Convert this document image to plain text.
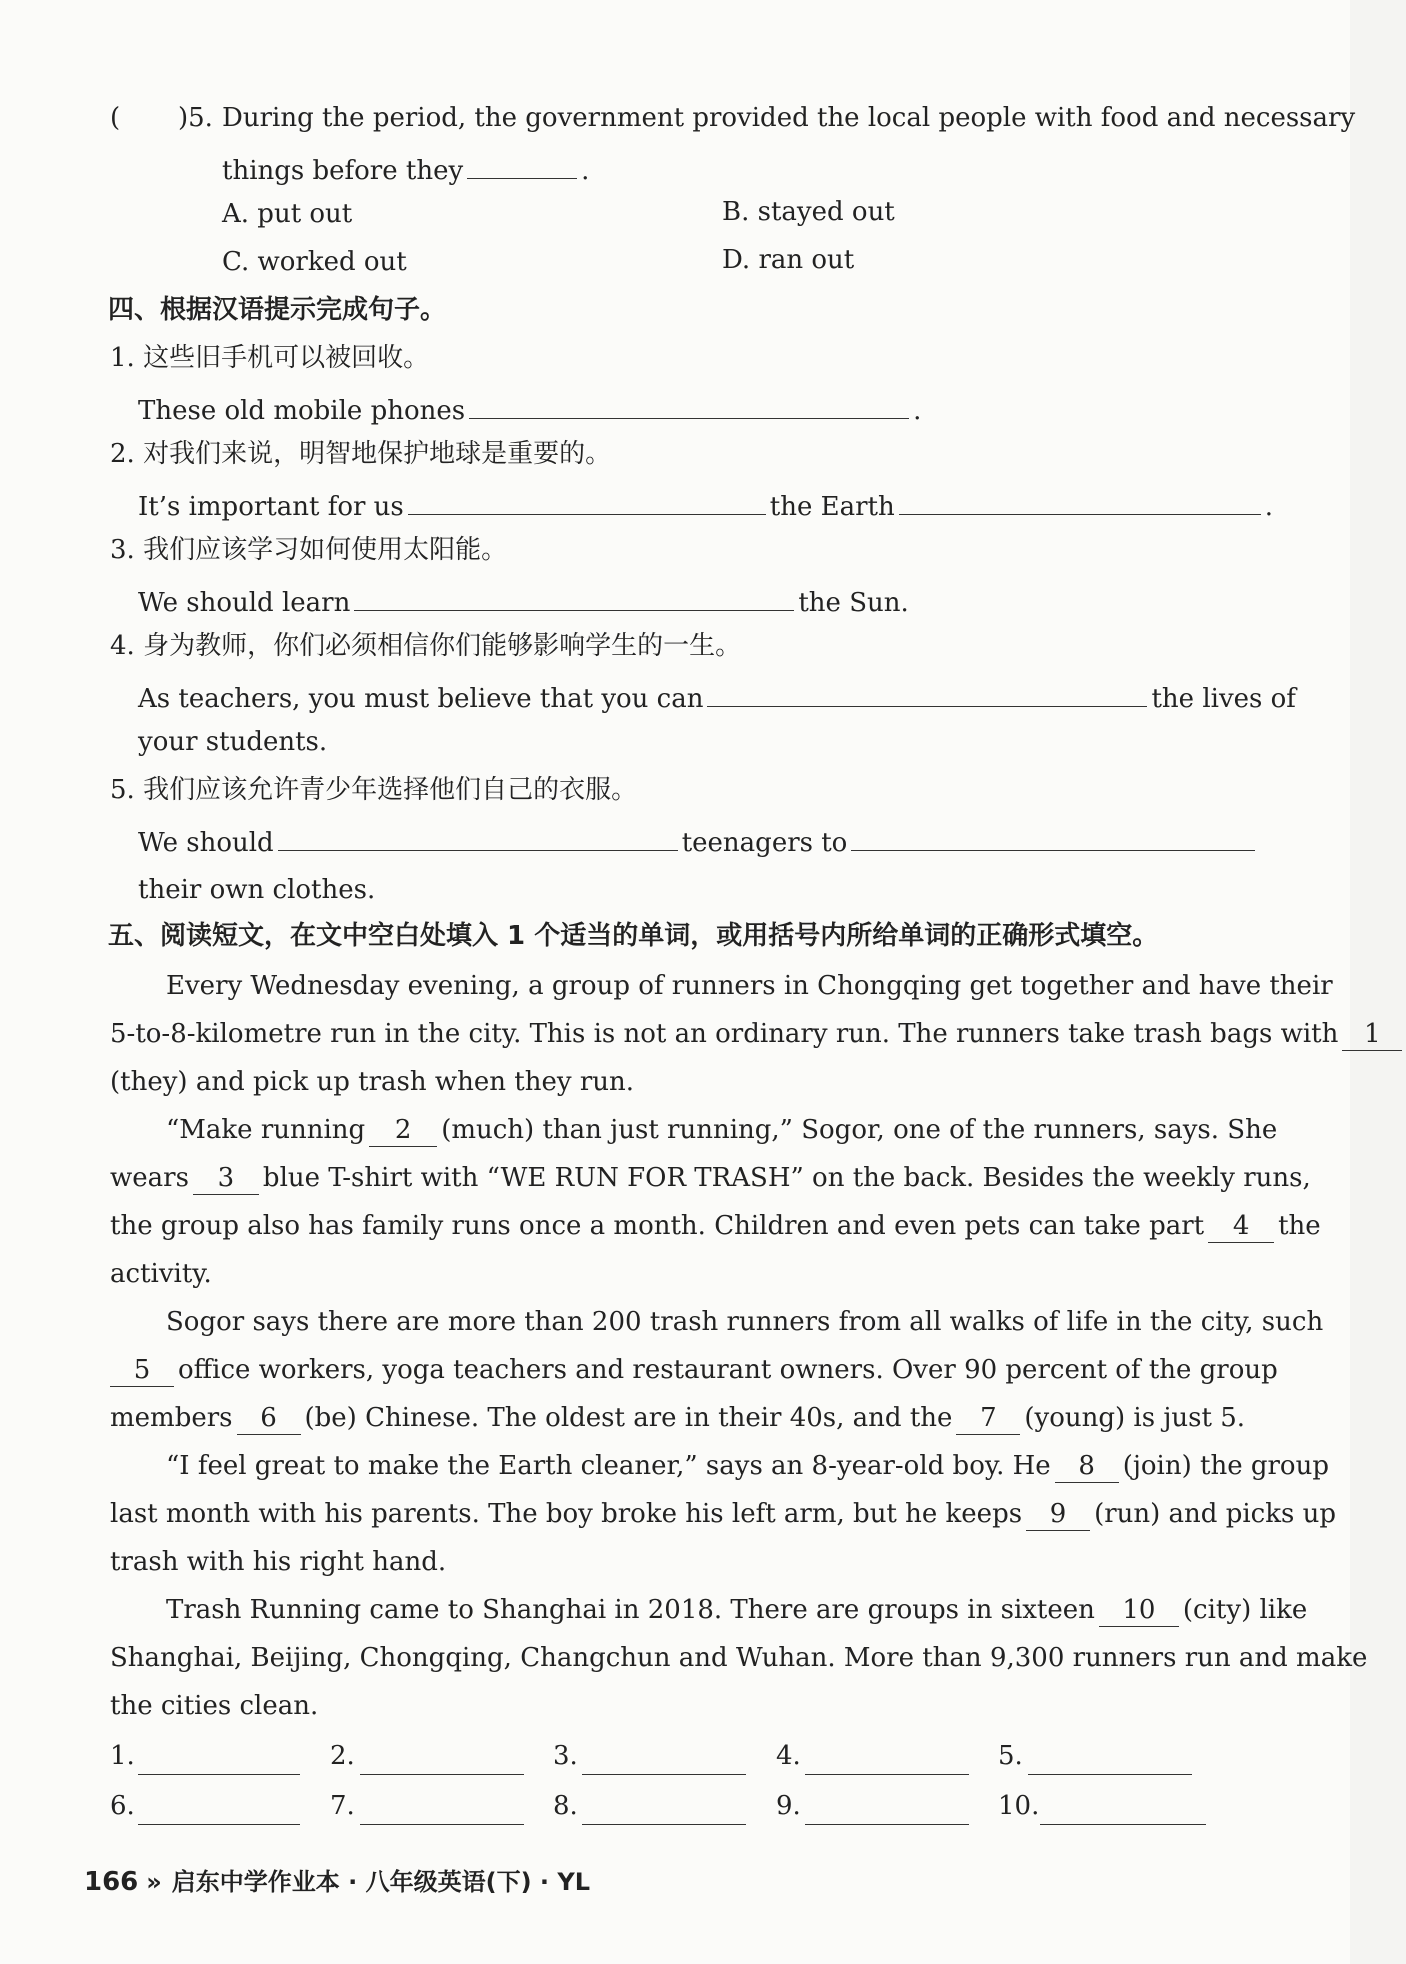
( )5. During the period, the government provided the local people with food and necessary
things before they	.
A. put out	B. stayed out
C. worked out	D. ran out
四、根据汉语提示完成句子。
1. 这些旧手机可以被回收。
These old mobile phones	.
2. 对我们来说，明智地保护地球是重要的。
It’s important for us	the Earth	.
3. 我们应该学习如何使用太阳能。
We should learn	the Sun.
4. 身为教师，你们必须相信你们能够影响学生的一生。
As teachers, you must believe that you can	the lives of
your students.
5. 我们应该允许青少年选择他们自己的衣服。
We should	teenagers to
their own clothes.
五、阅读短文，在文中空白处填入 1 个适当的单词，或用括号内所给单词的正确形式填空。
Every Wednesday evening, a group of runners in Chongqing get together and have their
5-to-8-kilometre run in the city. This is not an ordinary run. The runners take trash bags with 1
(they) and pick up trash when they run.
“Make running 2 (much) than just running,” Sogor, one of the runners, says. She
wears 3 blue T-shirt with “WE RUN FOR TRASH” on the back. Besides the weekly runs,
the group also has family runs once a month. Children and even pets can take part 4 the
activity.
Sogor says there are more than 200 trash runners from all walks of life in the city, such
5 office workers, yoga teachers and restaurant owners. Over 90 percent of the group
members 6 (be) Chinese. The oldest are in their 40s, and the 7 (young) is just 5.
“I feel great to make the Earth cleaner,” says an 8-year-old boy. He 8 (join) the group
last month with his parents. The boy broke his left arm, but he keeps 9 (run) and picks up
trash with his right hand.
Trash Running came to Shanghai in 2018. There are groups in sixteen 10 (city) like
Shanghai, Beijing, Chongqing, Changchun and Wuhan. More than 9,300 runners run and make
the cities clean.
1.	2.	3.	4.	5.
6.	7.	8.	9.	10.
166 » 启东中学作业本 · 八年级英语(下) · YL
